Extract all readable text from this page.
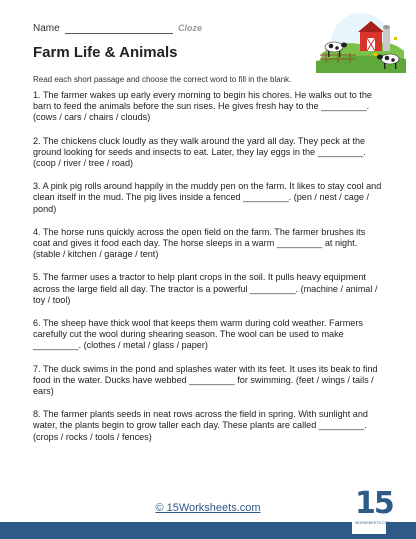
Name	Cloze
Farm Life & Animals
Read each short passage and choose the correct word to fill in the blank.

1. The farmer wakes up early every morning to begin his chores. He walks out to the barn to feed the animals before the sun rises. He gives fresh hay to the _________. (cows / cars / chairs / clouds)

2. The chickens cluck loudly as they walk around the yard all day. They peck at the ground looking for seeds and insects to eat. Later, they lay eggs in the _________. (coop / river / tree / road)

3. A pink pig rolls around happily in the muddy pen on the farm. It likes to stay cool and clean itself in the mud. The pig lives inside a fenced _________. (pen / nest / cage / pond)

4. The horse runs quickly across the open field on the farm. The farmer brushes its coat and gives it food each day. The horse sleeps in a warm _________ at night. (stable / kitchen / garage / tent)

5. The farmer uses a tractor to help plant crops in the soil. It pulls heavy equipment across the large field all day. The tractor is a powerful _________. (machine / animal / toy / tool)

6. The sheep have thick wool that keeps them warm during cold weather. Farmers carefully cut the wool during shearing season. The wool can be used to make _________. (clothes / metal / glass / paper)

7. The duck swims in the pond and splashes water with its feet. It uses its beak to find food in the water. Ducks have webbed _________ for swimming. (feet / wings / tails / ears)

8. The farmer plants seeds in neat rows across the field in spring. With sunlight and water, the plants begin to grow taller each day. These plants are called _________. (crops / rocks / tools / fences)

© 15Worksheets.com	15
WORKSHEETS.COM
